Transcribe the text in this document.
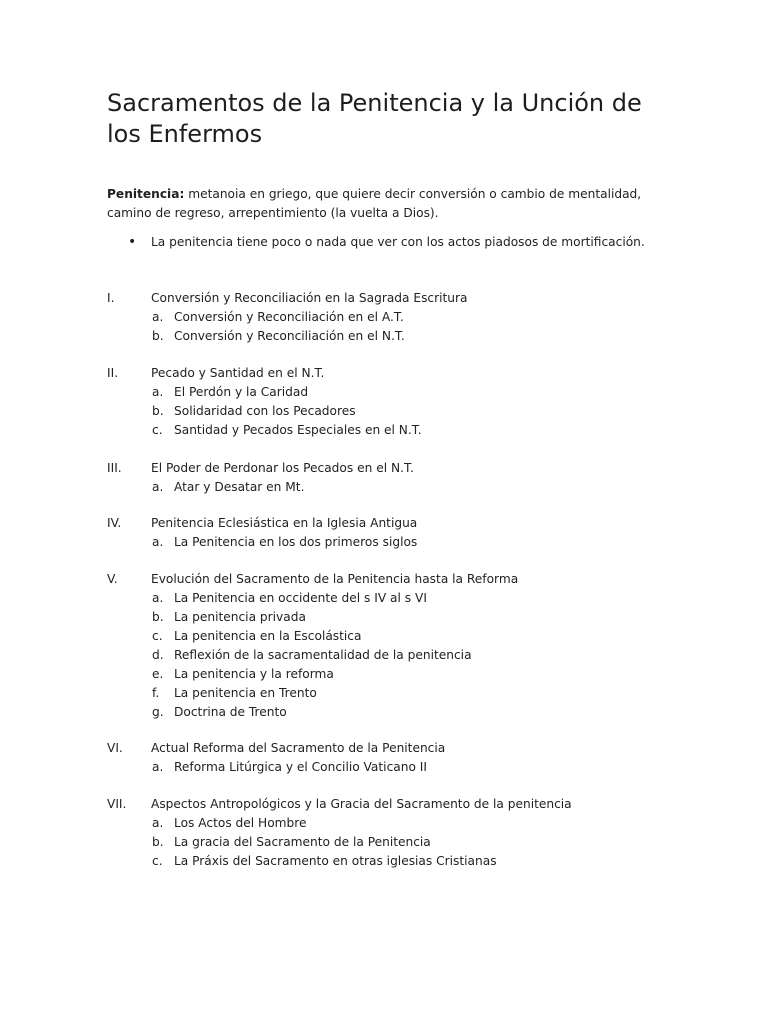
Sacramentos de la Penitencia y la Unción de los Enfermos

Penitencia: metanoia en griego, que quiere decir conversión o cambio de mentalidad, camino de regreso, arrepentimiento (la vuelta a Dios).

• La penitencia tiene poco o nada que ver con los actos piadosos de mortificación.
I.	Conversión y Reconciliación en la Sagrada Escritura
a. Conversión y Reconciliación en el A.T.
b. Conversión y Reconciliación en el N.T.
II.	Pecado y Santidad en el N.T.
a. El Perdón y la Caridad
b. Solidaridad con los Pecadores
c. Santidad y Pecados Especiales en el N.T.
III. El Poder de Perdonar los Pecados en el N.T.
a. Atar y Desatar en Mt.
IV. Penitencia Eclesiástica en la Iglesia Antigua
a. La Penitencia en los dos primeros siglos
V.	Evolución del Sacramento de la Penitencia hasta la Reforma
a. La Penitencia en occidente del s IV al s VI
b. La penitencia privada
c. La penitencia en la Escolástica
d. Reflexión de la sacramentalidad de la penitencia
e. La penitencia y la reforma
f. La penitencia en Trento
g. Doctrina de Trento
VI. Actual Reforma del Sacramento de la Penitencia
a. Reforma Litúrgica y el Concilio Vaticano II
VII. Aspectos Antropológicos y la Gracia del Sacramento de la penitencia
a. Los Actos del Hombre
b. La gracia del Sacramento de la Penitencia
c. La Práxis del Sacramento en otras iglesias Cristianas
